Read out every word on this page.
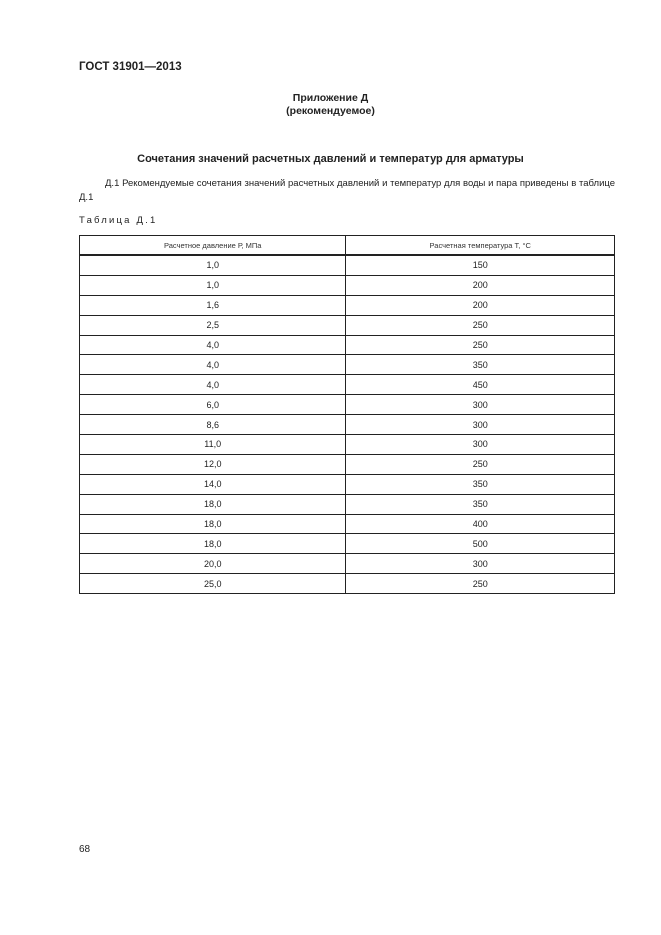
ГОСТ 31901—2013
Приложение Д
(рекомендуемое)
Сочетания значений расчетных давлений и температур для арматуры
Д.1 Рекомендуемые сочетания значений расчетных давлений и температур для воды и пара приведены в таблице Д.1
Таблица Д.1
Расчетное давление Р, МПа	Расчетная температура Т, °С
1,0	150
1,0	200
1,6	200
2,5	250
4,0	250
4,0	350
4,0	450
6,0	300
8,6	300
11,0	300
12,0	250
14,0	350
18,0	350
18,0	400
18,0	500
20,0	300
25,0	250
68
